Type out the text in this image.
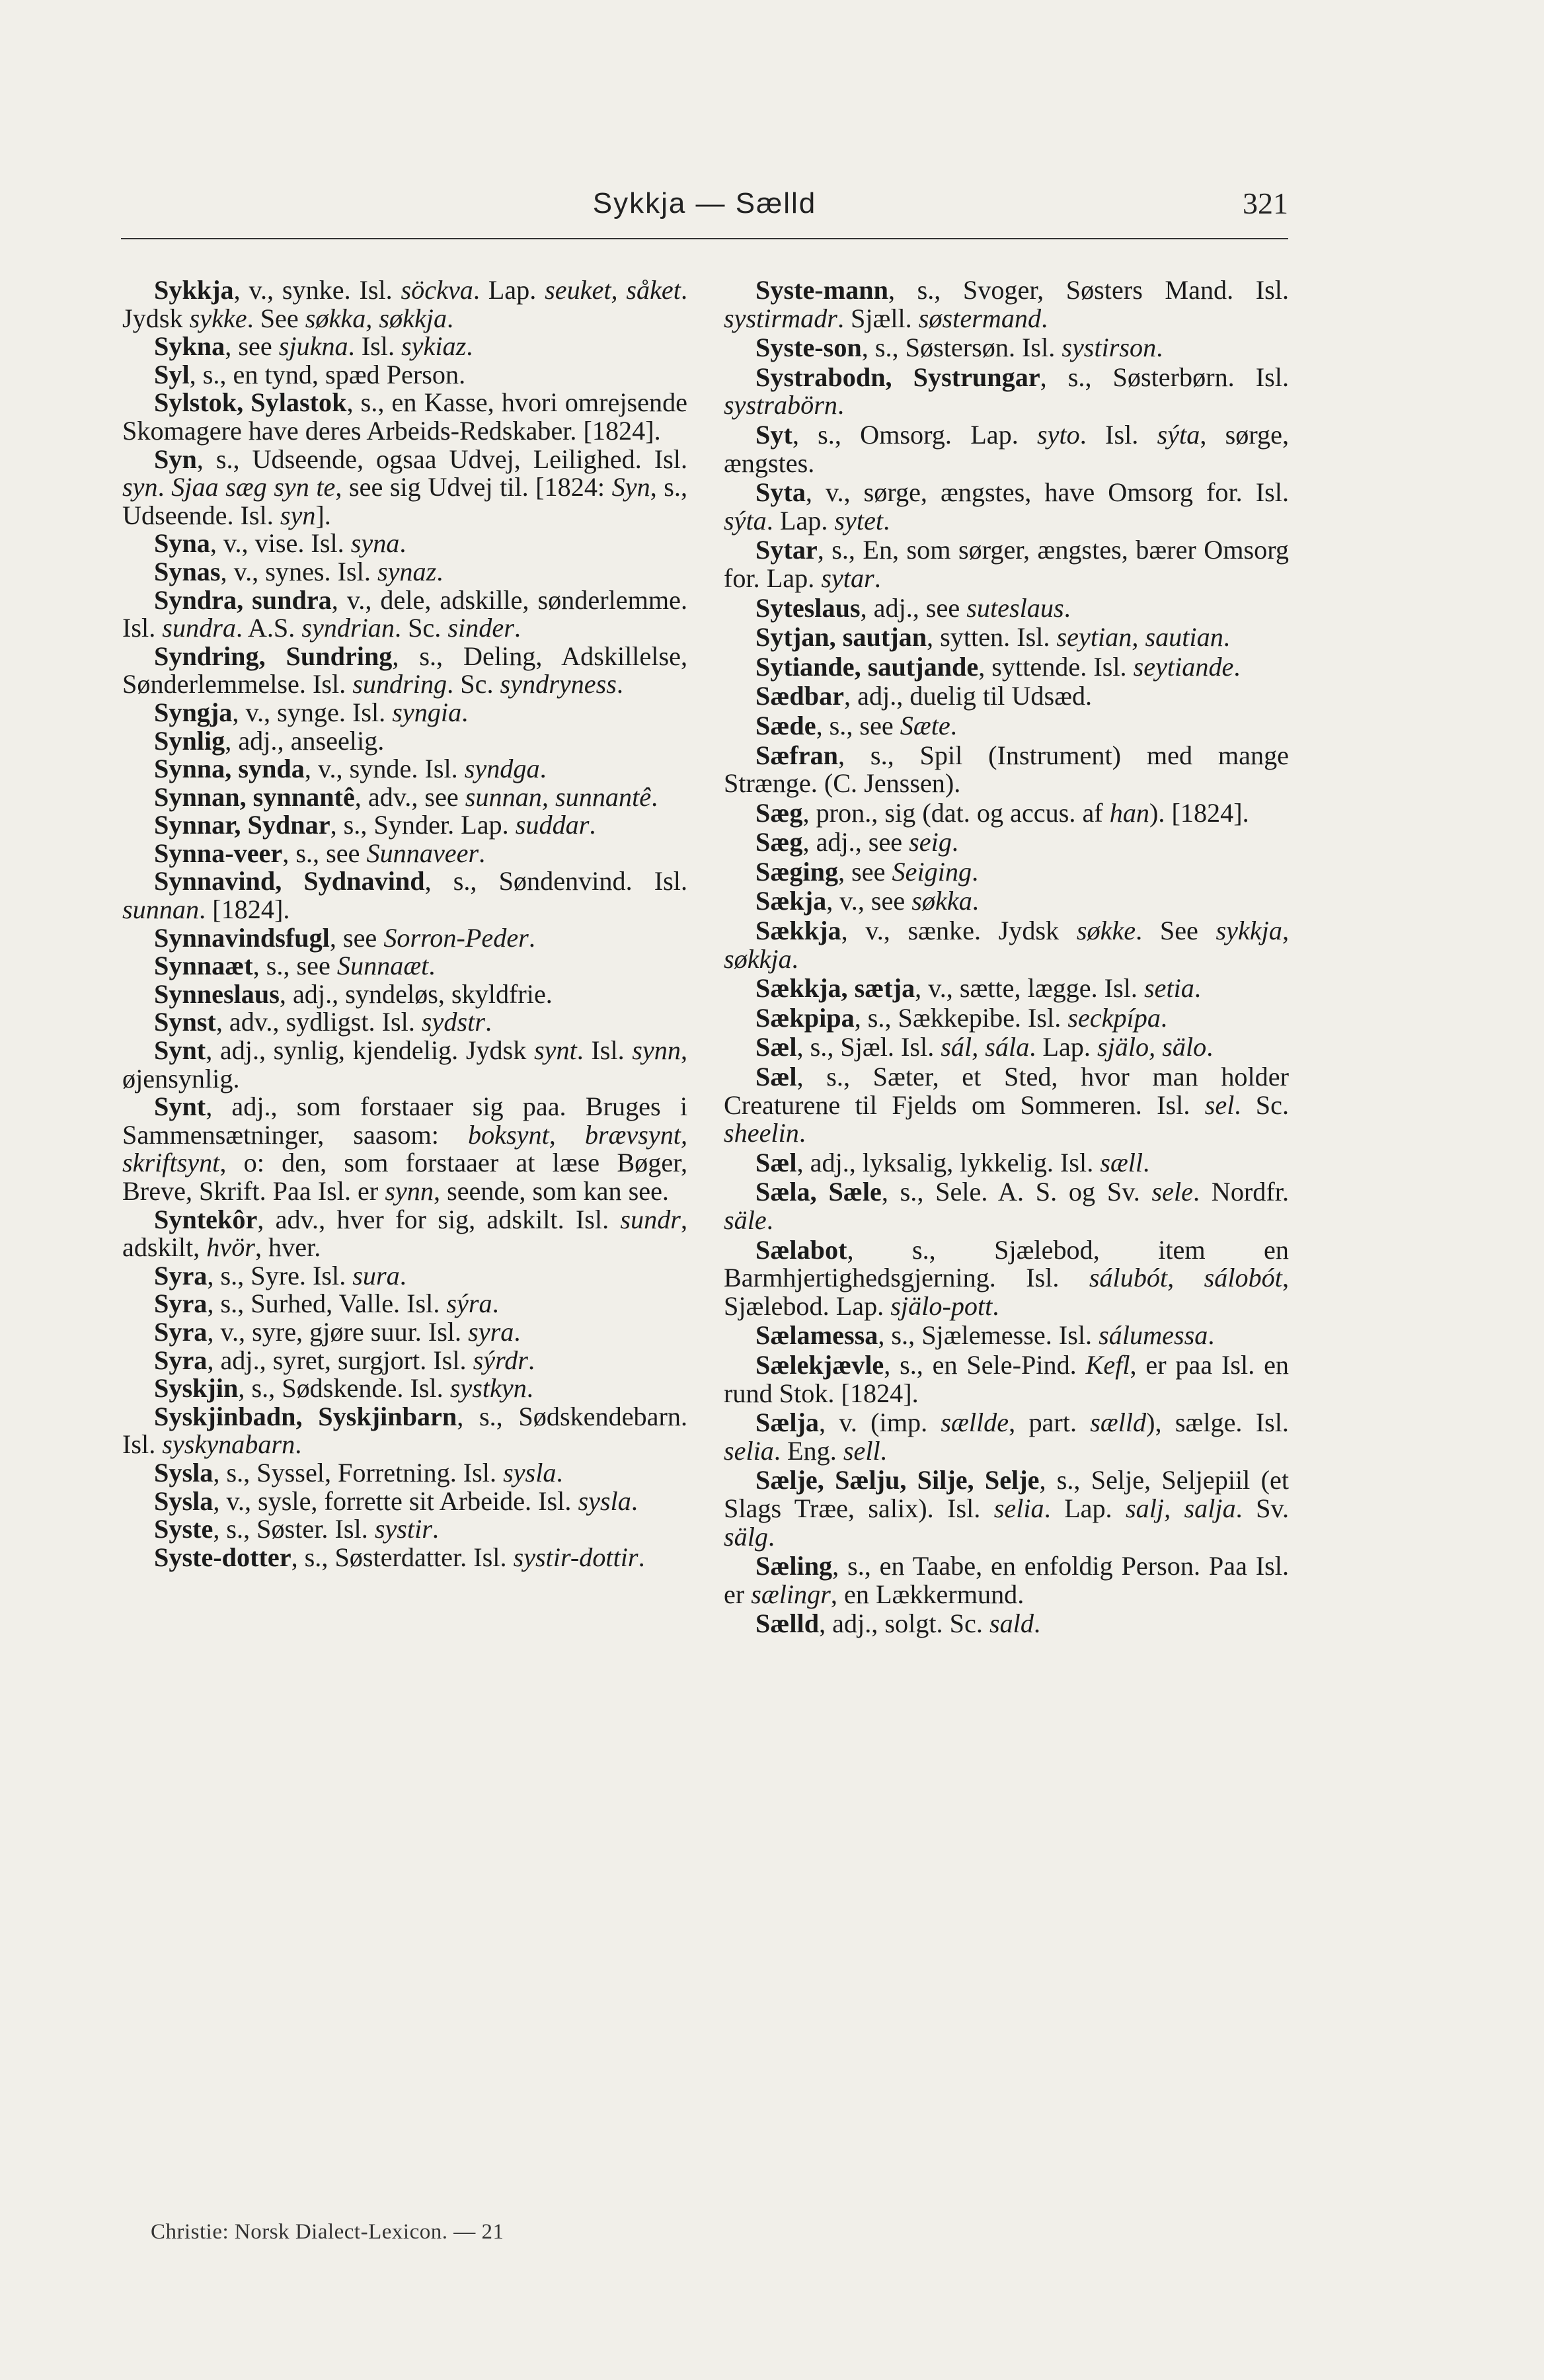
Sykkja — Sælld	321

Sykkja, v., synke. Isl. söckva. Lap. seuket, såket. Jydsk sykke. See søkka, søkkja.

Sykna, see sjukna. Isl. sykiaz.

Syl, s., en tynd, spæd Person.

Sylstok, Sylastok, s., en Kasse, hvori omrejsende Skomagere have deres Arbeids-Redskaber. [1824].

Syn, s., Udseende, ogsaa Udvej, Leilighed. Isl. syn. Sjaa sæg syn te, see sig Udvej til. [1824: Syn, s., Udseende. Isl. syn].

Syna, v., vise. Isl. syna.

Synas, v., synes. Isl. synaz.

Syndra, sundra, v., dele, adskille, sønderlemme. Isl. sundra. A.S. syndrian. Sc. sinder.

Syndring, Sundring, s., Deling, Adskillelse, Sønderlemmelse. Isl. sundring. Sc. syndryness.

Syngja, v., synge. Isl. syngia.

Synlig, adj., anseelig.

Synna, synda, v., synde. Isl. syndga.

Synnan, synnantê, adv., see sunnan, sunnantê.

Synnar, Sydnar, s., Synder. Lap. suddar.

Synna-veer, s., see Sunnaveer.

Synnavind, Sydnavind, s., Søndenvind. Isl. sunnan. [1824].

Synnavindsfugl, see Sorron-Peder.

Synnaæt, s., see Sunnaæt.

Synneslaus, adj., syndeløs, skyldfrie.

Synst, adv., sydligst. Isl. sydstr.

Synt, adj., synlig, kjendelig. Jydsk synt. Isl. synn, øjensynlig.

Synt, adj., som forstaaer sig paa. Bruges i Sammensætninger, saasom: boksynt, brævsynt, skriftsynt, o: den, som forstaaer at læse Bøger, Breve, Skrift. Paa Isl. er synn, seende, som kan see.

Syntekôr, adv., hver for sig, adskilt. Isl. sundr, adskilt, hvör, hver.

Syra, s., Syre. Isl. sura.

Syra, s., Surhed, Valle. Isl. sýra.

Syra, v., syre, gjøre suur. Isl. syra.

Syra, adj., syret, surgjort. Isl. sýrdr.

Syskjin, s., Sødskende. Isl. systkyn.

Syskjinbadn, Syskjinbarn, s., Sødskendebarn. Isl. syskynabarn.

Sysla, s., Syssel, Forretning. Isl. sysla.

Sysla, v., sysle, forrette sit Arbeide. Isl. sysla.

Syste, s., Søster. Isl. systir.

Syste-dotter, s., Søsterdatter. Isl. systir-dottir.

Syste-mann, s., Svoger, Søsters Mand. Isl. systirmadr. Sjæll. søstermand.

Syste-son, s., Søstersøn. Isl. systirson.

Systrabodn, Systrungar, s., Søsterbørn. Isl. systrabörn.

Syt, s., Omsorg. Lap. syto. Isl. sýta, sørge, ængstes.

Syta, v., sørge, ængstes, have Omsorg for. Isl. sýta. Lap. sytet.

Sytar, s., En, som sørger, ængstes, bærer Omsorg for. Lap. sytar.

Syteslaus, adj., see suteslaus.

Sytjan, sautjan, sytten. Isl. seytian, sautian.

Sytiande, sautjande, syttende. Isl. seytiande.

Sædbar, adj., duelig til Udsæd.

Sæde, s., see Sæte.

Sæfran, s., Spil (Instrument) med mange Strænge. (C. Jenssen).

Sæg, pron., sig (dat. og accus. af han). [1824].

Sæg, adj., see seig.

Sæging, see Seiging.

Sækja, v., see søkka.

Sækkja, v., sænke. Jydsk søkke. See sykkja, søkkja.

Sækkja, sætja, v., sætte, lægge. Isl. setia.

Sækpipa, s., Sækkepibe. Isl. seckpípa.

Sæl, s., Sjæl. Isl. sál, sála. Lap. själo, sälo.

Sæl, s., Sæter, et Sted, hvor man holder Creaturene til Fjelds om Sommeren. Isl. sel. Sc. sheelin.

Sæl, adj., lyksalig, lykkelig. Isl. sæll.

Sæla, Sæle, s., Sele. A. S. og Sv. sele. Nordfr. säle.

Sælabot, s., Sjælebod, item en Barmhjertighedsgjerning. Isl. sálubót, sálobót, Sjælebod. Lap. själo-pott.

Sælamessa, s., Sjælemesse. Isl. sálumessa.

Sælekjævle, s., en Sele-Pind. Kefl, er paa Isl. en rund Stok. [1824].

Sælja, v. (imp. sællde, part. sælld), sælge. Isl. selia. Eng. sell.

Sælje, Sælju, Silje, Selje, s., Selje, Seljepiil (et Slags Træe, salix). Isl. selia. Lap. salj, salja. Sv. sälg.

Sæling, s., en Taabe, en enfoldig Person. Paa Isl. er sælingr, en Lækkermund.

Sælld, adj., solgt. Sc. sald.

Christie: Norsk Dialect-Lexicon. — 21
